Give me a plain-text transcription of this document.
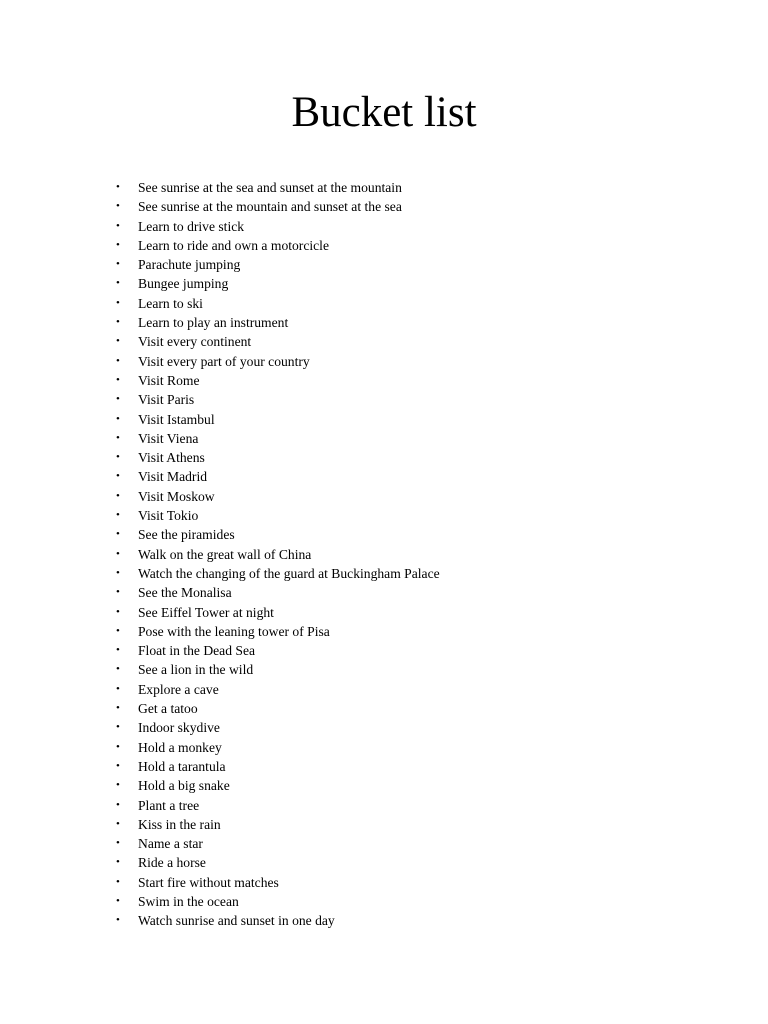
Bucket list
• See sunrise at the sea and sunset at the mountain
• See sunrise at the mountain and sunset at the sea
• Learn to drive stick
• Learn to ride and own a motorcicle
• Parachute jumping
• Bungee jumping
• Learn to ski
• Learn to play an instrument
• Visit every continent
• Visit every part of your country
• Visit Rome
• Visit Paris
• Visit Istambul
• Visit Viena
• Visit Athens
• Visit Madrid
• Visit Moskow
• Visit Tokio
• See the piramides
• Walk on the great wall of China
• Watch the changing of the guard at Buckingham Palace
• See the Monalisa
• See Eiffel Tower at night
• Pose with the leaning tower of Pisa
• Float in the Dead Sea
• See a lion in the wild
• Explore a cave
• Get a tatoo
• Indoor skydive
• Hold a monkey
• Hold a tarantula
• Hold a big snake
• Plant a tree
• Kiss in the rain
• Name a star
• Ride a horse
• Start fire without matches
• Swim in the ocean
• Watch sunrise and sunset in one day
